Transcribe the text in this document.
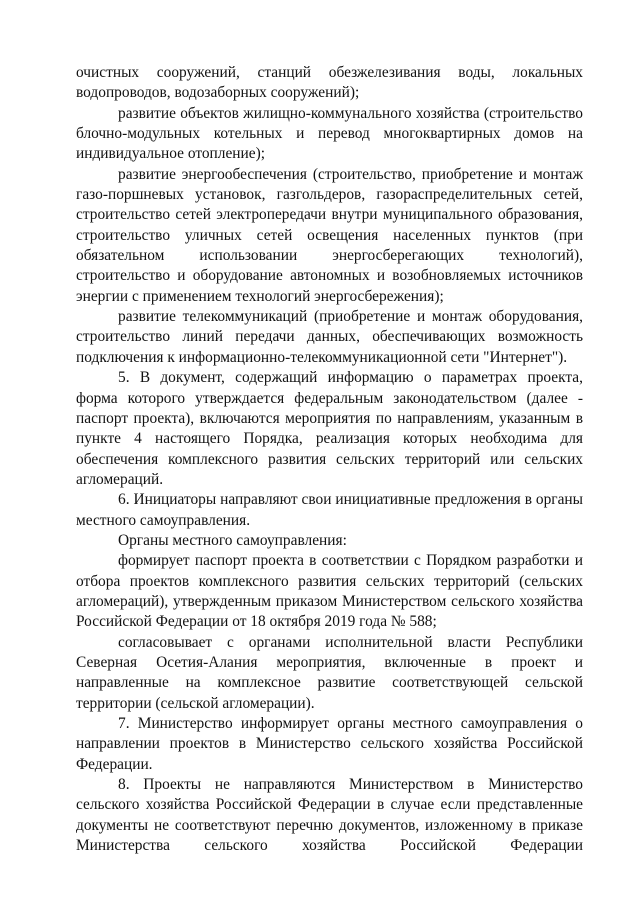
очистных сооружений, станций обезжелезивания воды, локальных водопроводов, водозаборных сооружений);

развитие объектов жилищно-коммунального хозяйства (строительство блочно-модульных котельных и перевод многоквартирных домов на индивидуальное отопление);

развитие энергообеспечения (строительство, приобретение и монтаж газо-поршневых установок, газгольдеров, газораспределительных сетей, строительство сетей электропередачи внутри муниципального образования, строительство уличных сетей освещения населенных пунктов (при обязательном использовании энергосберегающих технологий), строительство и оборудование автономных и возобновляемых источников энергии с применением технологий энергосбережения);

развитие телекоммуникаций (приобретение и монтаж оборудования, строительство линий передачи данных, обеспечивающих возможность подключения к информационно-телекоммуникационной сети "Интернет").

5. В документ, содержащий информацию о параметрах проекта, форма которого утверждается федеральным законодательством (далее - паспорт проекта), включаются мероприятия по направлениям, указанным в пункте 4 настоящего Порядка, реализация которых необходима для обеспечения комплексного развития сельских территорий или сельских агломераций.

6. Инициаторы направляют свои инициативные предложения в органы местного самоуправления.

Органы местного самоуправления:

формирует паспорт проекта в соответствии с Порядком разработки и отбора проектов комплексного развития сельских территорий (сельских агломераций), утвержденным приказом Министерством сельского хозяйства Российской Федерации от 18 октября 2019 года № 588;

согласовывает с органами исполнительной власти Республики Северная Осетия-Алания мероприятия, включенные в проект и направленные на комплексное развитие соответствующей сельской территории (сельской агломерации).

7. Министерство информирует органы местного самоуправления о направлении проектов в Министерство сельского хозяйства Российской Федерации.

8. Проекты не направляются Министерством в Министерство сельского хозяйства Российской Федерации в случае если представленные документы не соответствуют перечню документов, изложенному в приказе Министерства сельского хозяйства Российской Федерации
